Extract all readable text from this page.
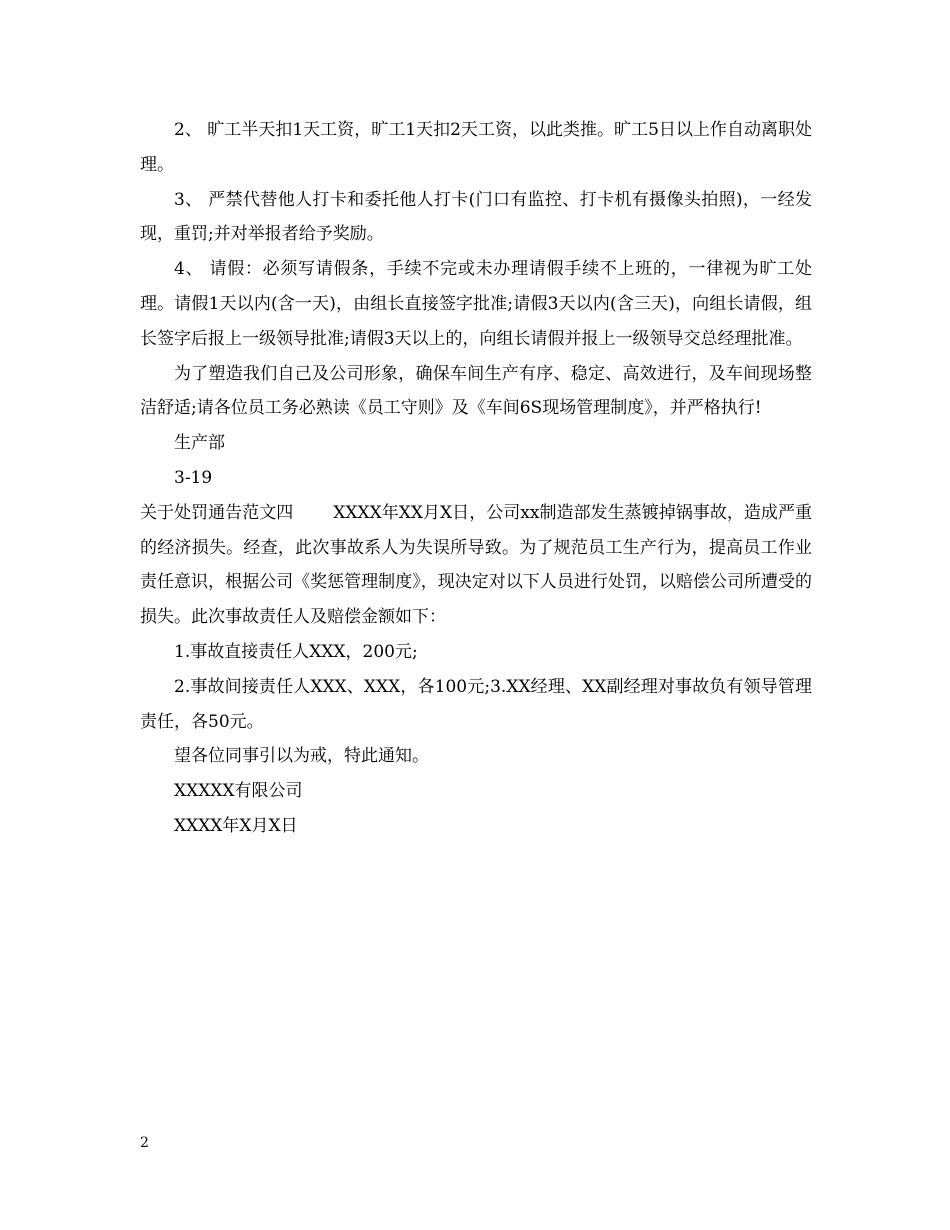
2、 旷工半天扣1天工资，旷工1天扣2天工资，以此类推。旷工5日以上作自动离职处理。

3、 严禁代替他人打卡和委托他人打卡(门口有监控、打卡机有摄像头拍照)，一经发现，重罚;并对举报者给予奖励。

4、 请假：必须写请假条，手续不完或未办理请假手续不上班的，一律视为旷工处理。请假1天以内(含一天)，由组长直接签字批准;请假3天以内(含三天)，向组长请假，组长签字后报上一级领导批准;请假3天以上的，向组长请假并报上一级领导交总经理批准。

为了塑造我们自己及公司形象，确保车间生产有序、稳定、高效进行，及车间现场整洁舒适;请各位员工务必熟读《员工守则》及《车间6S现场管理制度》，并严格执行!

生产部

3-19

关于处罚通告范文四 XXXX年XX月X日，公司xx制造部发生蒸镀掉锅事故，造成严重的经济损失。经查，此次事故系人为失误所导致。为了规范员工生产行为，提高员工作业责任意识，根据公司《奖惩管理制度》，现决定对以下人员进行处罚，以赔偿公司所遭受的损失。此次事故责任人及赔偿金额如下：

1.事故直接责任人XXX，200元;

2.事故间接责任人XXX、XXX，各100元;3.XX经理、XX副经理对事故负有领导管理责任，各50元。

望各位同事引以为戒，特此通知。

XXXXX有限公司

XXXX年X月X日

2
